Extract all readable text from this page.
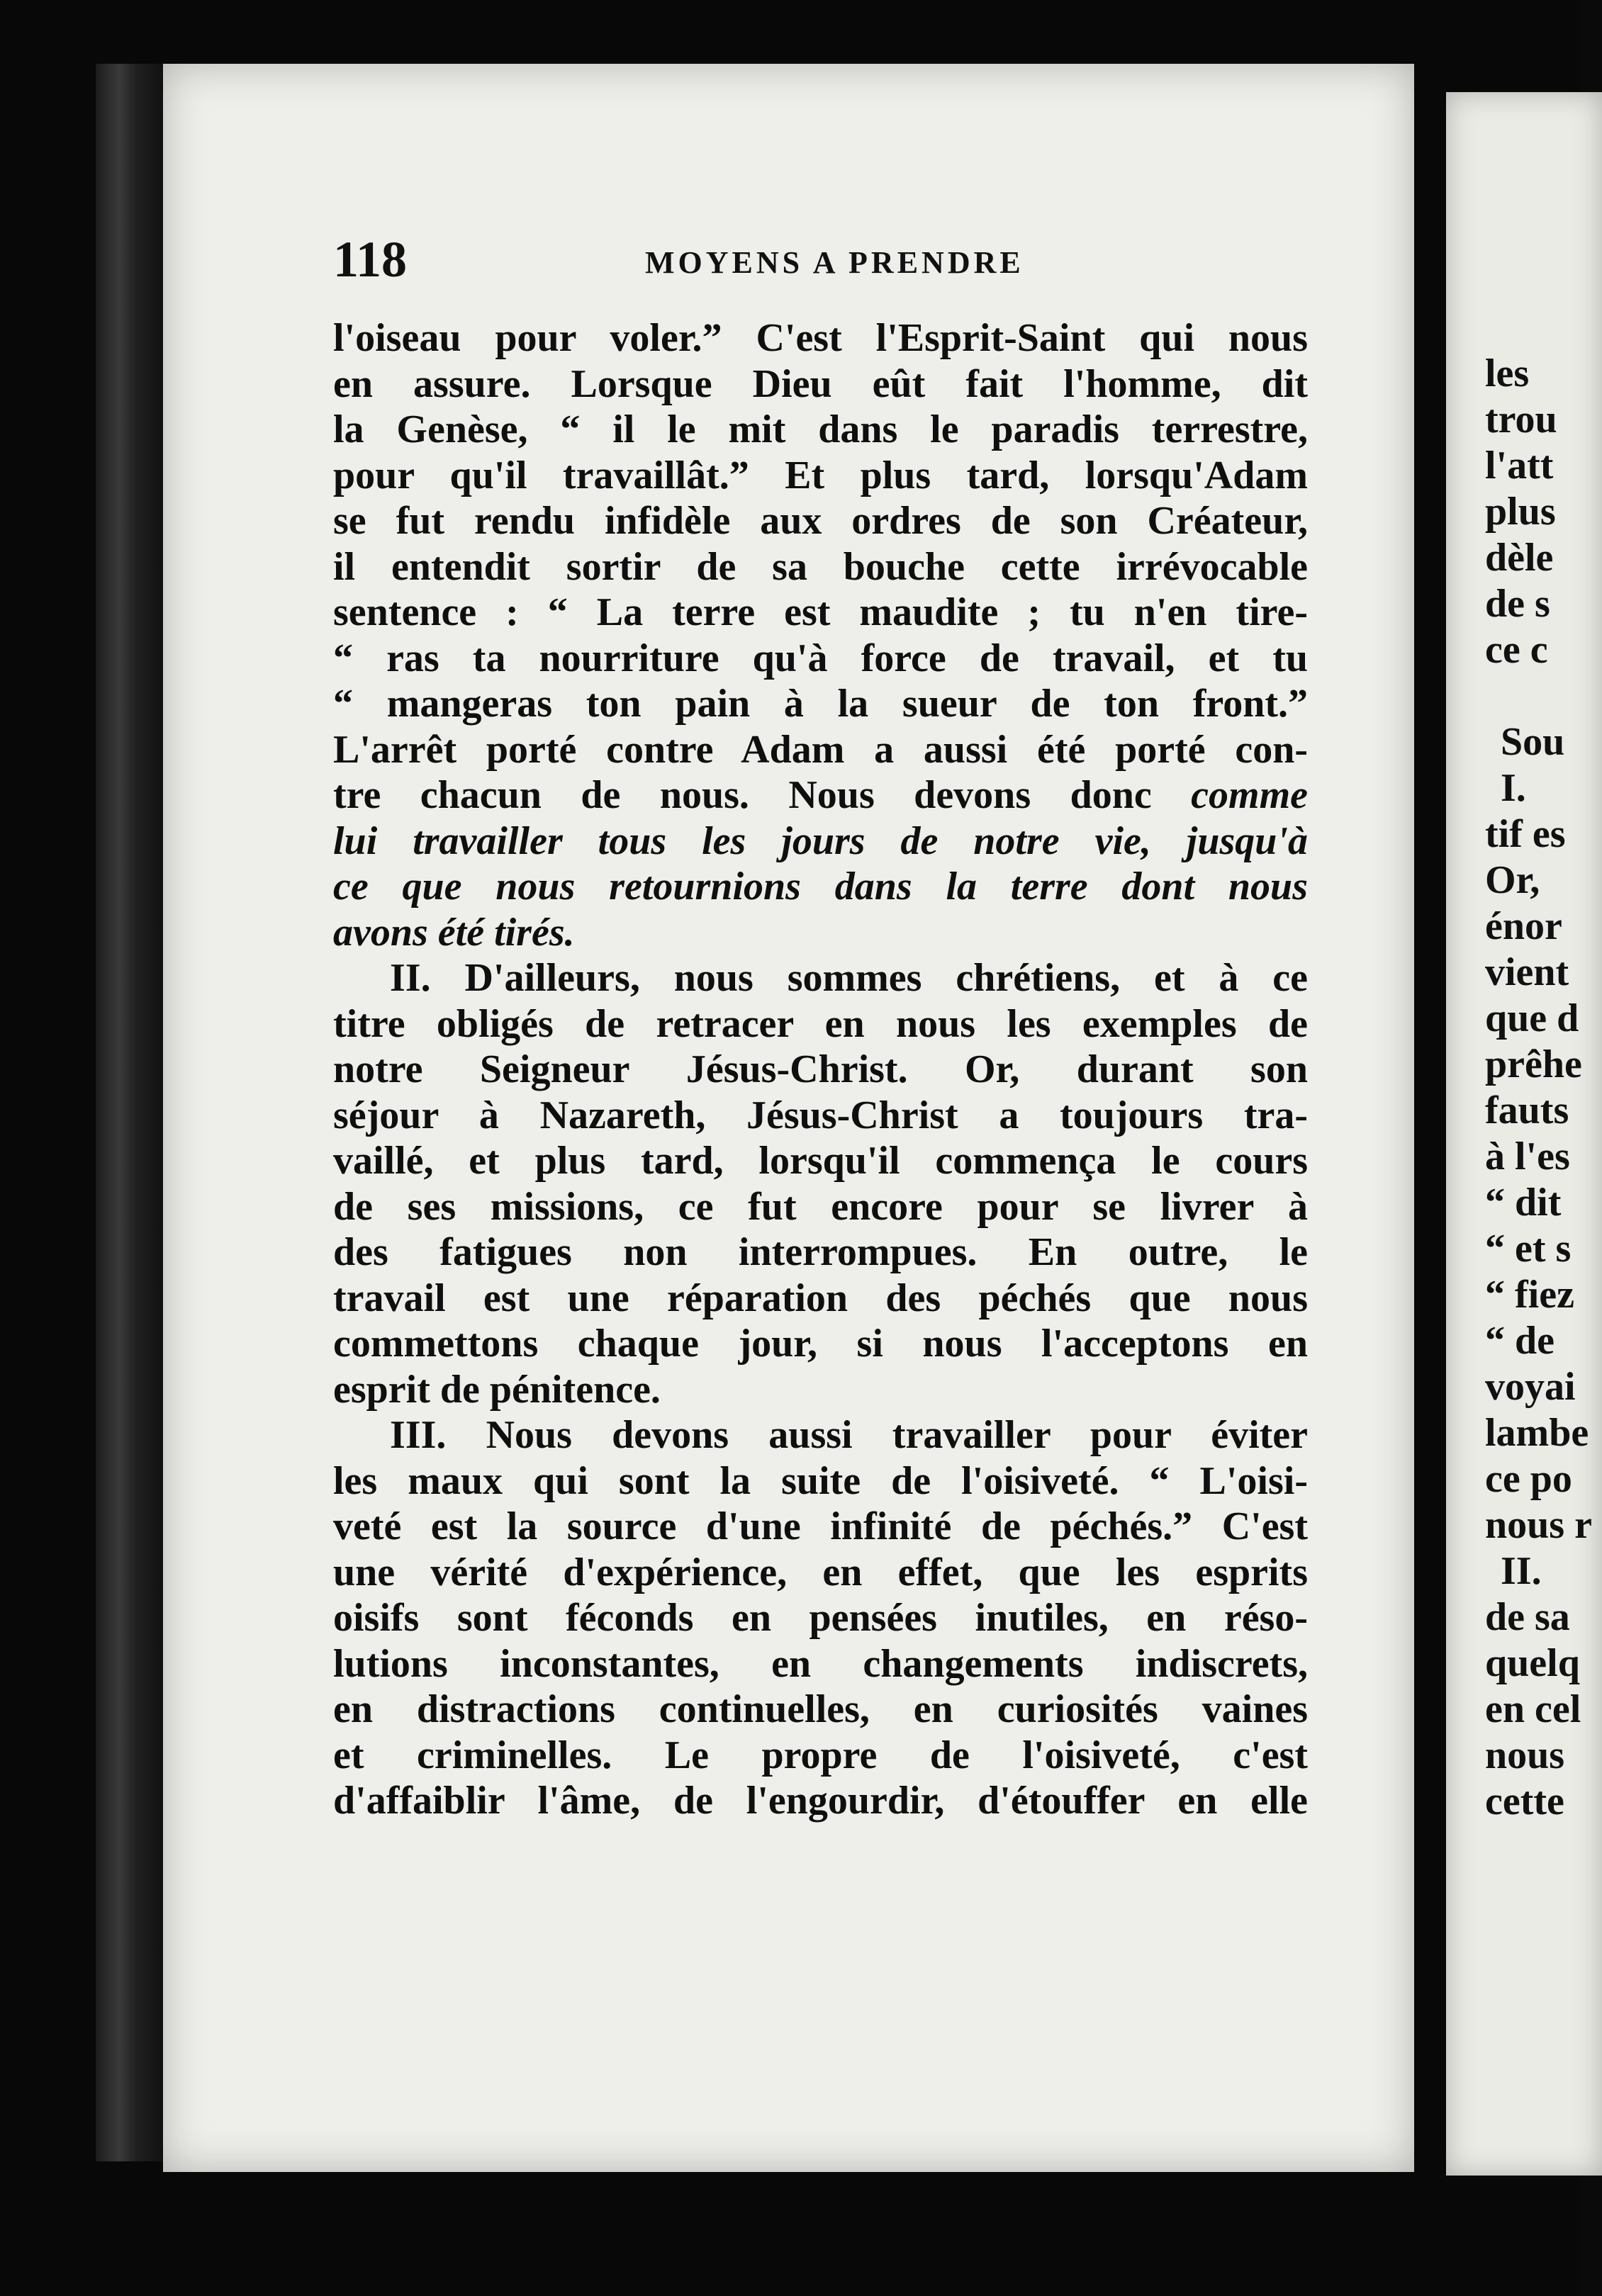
118	MOYENS A PRENDRE
l'oiseau pour voler.” C'est l'Esprit-Saint qui nous
en assure. Lorsque Dieu eût fait l'homme, dit
la Genèse, “ il le mit dans le paradis terrestre,
pour qu'il travaillât.” Et plus tard, lorsqu'Adam
se fut rendu infidèle aux ordres de son Créateur,
il entendit sortir de sa bouche cette irrévocable
sentence : “ La terre est maudite ; tu n'en tire-
“ ras ta nourriture qu'à force de travail, et tu
“ mangeras ton pain à la sueur de ton front.”
L'arrêt porté contre Adam a aussi été porté con-
tre chacun de nous. Nous devons donc comme
lui travailler tous les jours de notre vie, jusqu'à
ce que nous retournions dans la terre dont nous
avons été tirés.
II. D'ailleurs, nous sommes chrétiens, et à ce
titre obligés de retracer en nous les exemples de
notre Seigneur Jésus-Christ. Or, durant son
séjour à Nazareth, Jésus-Christ a toujours tra-
vaillé, et plus tard, lorsqu'il commença le cours
de ses missions, ce fut encore pour se livrer à
des fatigues non interrompues. En outre, le
travail est une réparation des péchés que nous
commettons chaque jour, si nous l'acceptons en
esprit de pénitence.
III. Nous devons aussi travailler pour éviter
les maux qui sont la suite de l'oisiveté. “ L'oisi-
veté est la source d'une infinité de péchés.” C'est
une vérité d'expérience, en effet, que les esprits
oisifs sont féconds en pensées inutiles, en réso-
lutions inconstantes, en changements indiscrets,
en distractions continuelles, en curiosités vaines
et criminelles. Le propre de l'oisiveté, c'est
d'affaiblir l'âme, de l'engourdir, d'étouffer en elle
les
trou
l'att
plus
dèle
de s
ce c
Sou
I.
tif es
Or,
énor
vient
que d
prêhe
fauts
à l'es
“ dit
“ et s
“ fiez
“ de
voyai
lambe
ce po
nous r
II.
de sa
quelq
en cel
nous
cette
